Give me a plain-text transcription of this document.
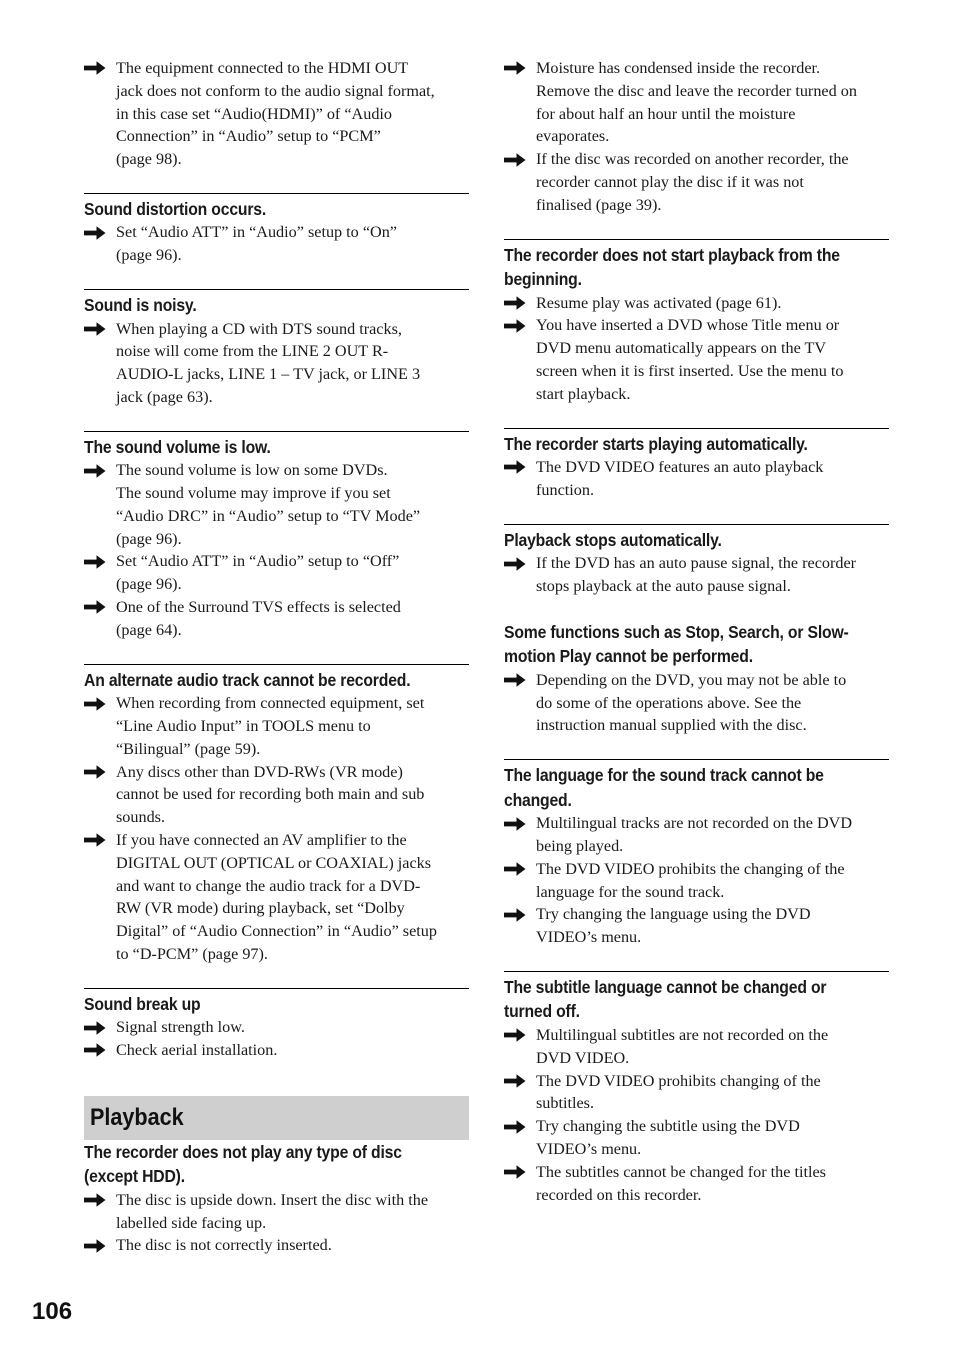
The equipment connected to the HDMI OUT
jack does not conform to the audio signal format,
in this case set “Audio(HDMI)” of “Audio
Connection” in “Audio” setup to “PCM”
(page 98).
Sound distortion occurs.
Set “Audio ATT” in “Audio” setup to “On”
(page 96).
Sound is noisy.
When playing a CD with DTS sound tracks,
noise will come from the LINE 2 OUT R-
AUDIO-L jacks, LINE 1 – TV jack, or LINE 3
jack (page 63).
The sound volume is low.
The sound volume is low on some DVDs.
The sound volume may improve if you set
“Audio DRC” in “Audio” setup to “TV Mode”
(page 96).
Set “Audio ATT” in “Audio” setup to “Off”
(page 96).
One of the Surround TVS effects is selected
(page 64).
An alternate audio track cannot be recorded.
When recording from connected equipment, set
“Line Audio Input” in TOOLS menu to
“Bilingual” (page 59).
Any discs other than DVD-RWs (VR mode)
cannot be used for recording both main and sub
sounds.
If you have connected an AV amplifier to the
DIGITAL OUT (OPTICAL or COAXIAL) jacks
and want to change the audio track for a DVD-
RW (VR mode) during playback, set “Dolby
Digital” of “Audio Connection” in “Audio” setup
to “D-PCM” (page 97).
Sound break up
Signal strength low.
Check aerial installation.
Playback
The recorder does not play any type of disc
(except HDD).
The disc is upside down. Insert the disc with the
labelled side facing up.
The disc is not correctly inserted.
Moisture has condensed inside the recorder.
Remove the disc and leave the recorder turned on
for about half an hour until the moisture
evaporates.
If the disc was recorded on another recorder, the
recorder cannot play the disc if it was not
finalised (page 39).
The recorder does not start playback from the
beginning.
Resume play was activated (page 61).
You have inserted a DVD whose Title menu or
DVD menu automatically appears on the TV
screen when it is first inserted. Use the menu to
start playback.
The recorder starts playing automatically.
The DVD VIDEO features an auto playback
function.
Playback stops automatically.
If the DVD has an auto pause signal, the recorder
stops playback at the auto pause signal.
Some functions such as Stop, Search, or Slow-
motion Play cannot be performed.
Depending on the DVD, you may not be able to
do some of the operations above. See the
instruction manual supplied with the disc.
The language for the sound track cannot be
changed.
Multilingual tracks are not recorded on the DVD
being played.
The DVD VIDEO prohibits the changing of the
language for the sound track.
Try changing the language using the DVD
VIDEO’s menu.
The subtitle language cannot be changed or
turned off.
Multilingual subtitles are not recorded on the
DVD VIDEO.
The DVD VIDEO prohibits changing of the
subtitles.
Try changing the subtitle using the DVD
VIDEO’s menu.
The subtitles cannot be changed for the titles
recorded on this recorder.
106
